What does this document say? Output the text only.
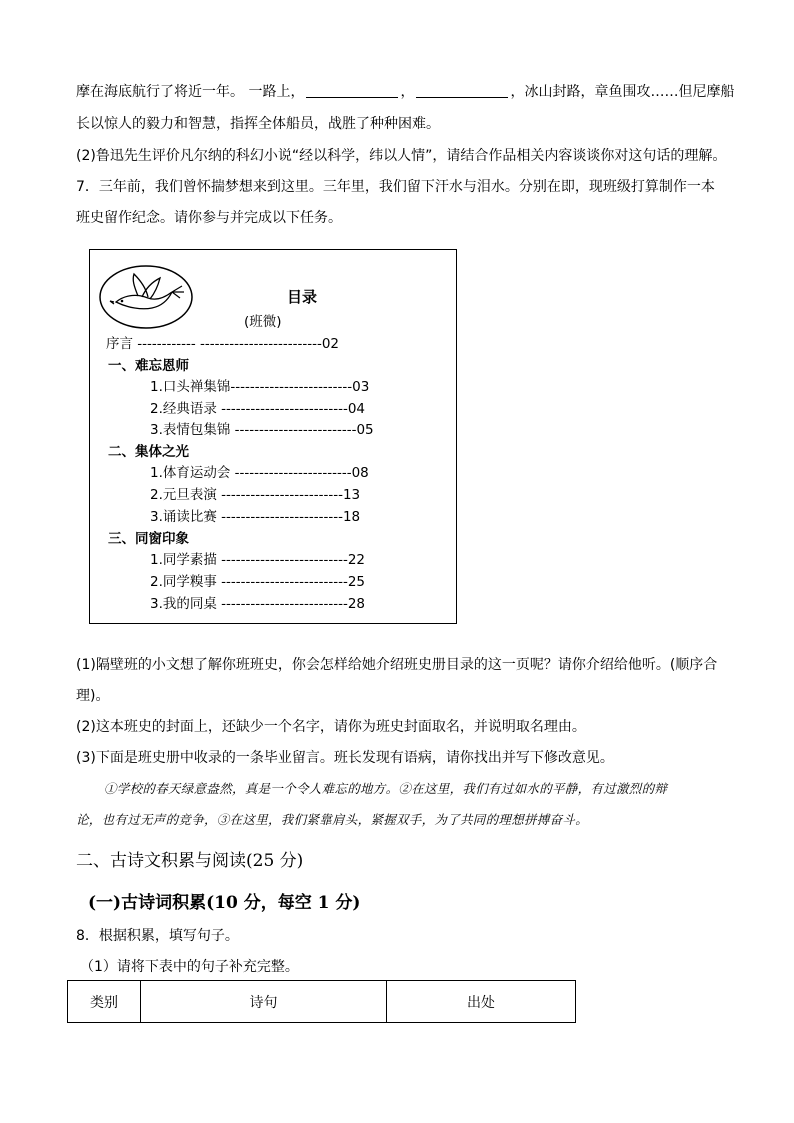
摩在海底航行了将近一年。 一路上，	，	，冰山封路，章鱼围攻……但尼摩船
长以惊人的毅力和智慧，指挥全体船员，战胜了种种困难。
(2)鲁迅先生评价凡尔纳的科幻小说“经以科学，纬以人情”，请结合作品相关内容谈谈你对这句话的理解。
7．三年前，我们曾怀揣梦想来到这里。三年里，我们留下汗水与泪水。分别在即，现班级打算制作一本
班史留作纪念。请你参与并完成以下任务。
目录
(班微)
序言 ------------ -------------------------02
一、难忘恩师
1.口头禅集锦-------------------------03
2.经典语录 --------------------------04
3.表情包集锦 -------------------------05
二、集体之光
1.体育运动会 ------------------------08
2.元旦表演 -------------------------13
3.诵读比赛 -------------------------18
三、同窗印象
1.同学素描 --------------------------22
2.同学糗事 --------------------------25
3.我的同桌 --------------------------28
(1)隔壁班的小文想了解你班班史，你会怎样给她介绍班史册目录的这一页呢？请你介绍给他听。(顺序合
理)。
(2)这本班史的封面上，还缺少一个名字，请你为班史封面取名，并说明取名理由。
(3)下面是班史册中收录的一条毕业留言。班长发现有语病，请你找出并写下修改意见。
①学校的春天绿意盎然，真是一个令人难忘的地方。②在这里，我们有过如水的平静，有过激烈的辩
论，也有过无声的竞争，③在这里，我们紧靠肩头，紧握双手，为了共同的理想拼搏奋斗。
二、古诗文积累与阅读(25 分)
(一)古诗词积累(10 分，每空 1 分)
8．根据积累，填写句子。
（1）请将下表中的句子补充完整。
类别	诗句	出处
